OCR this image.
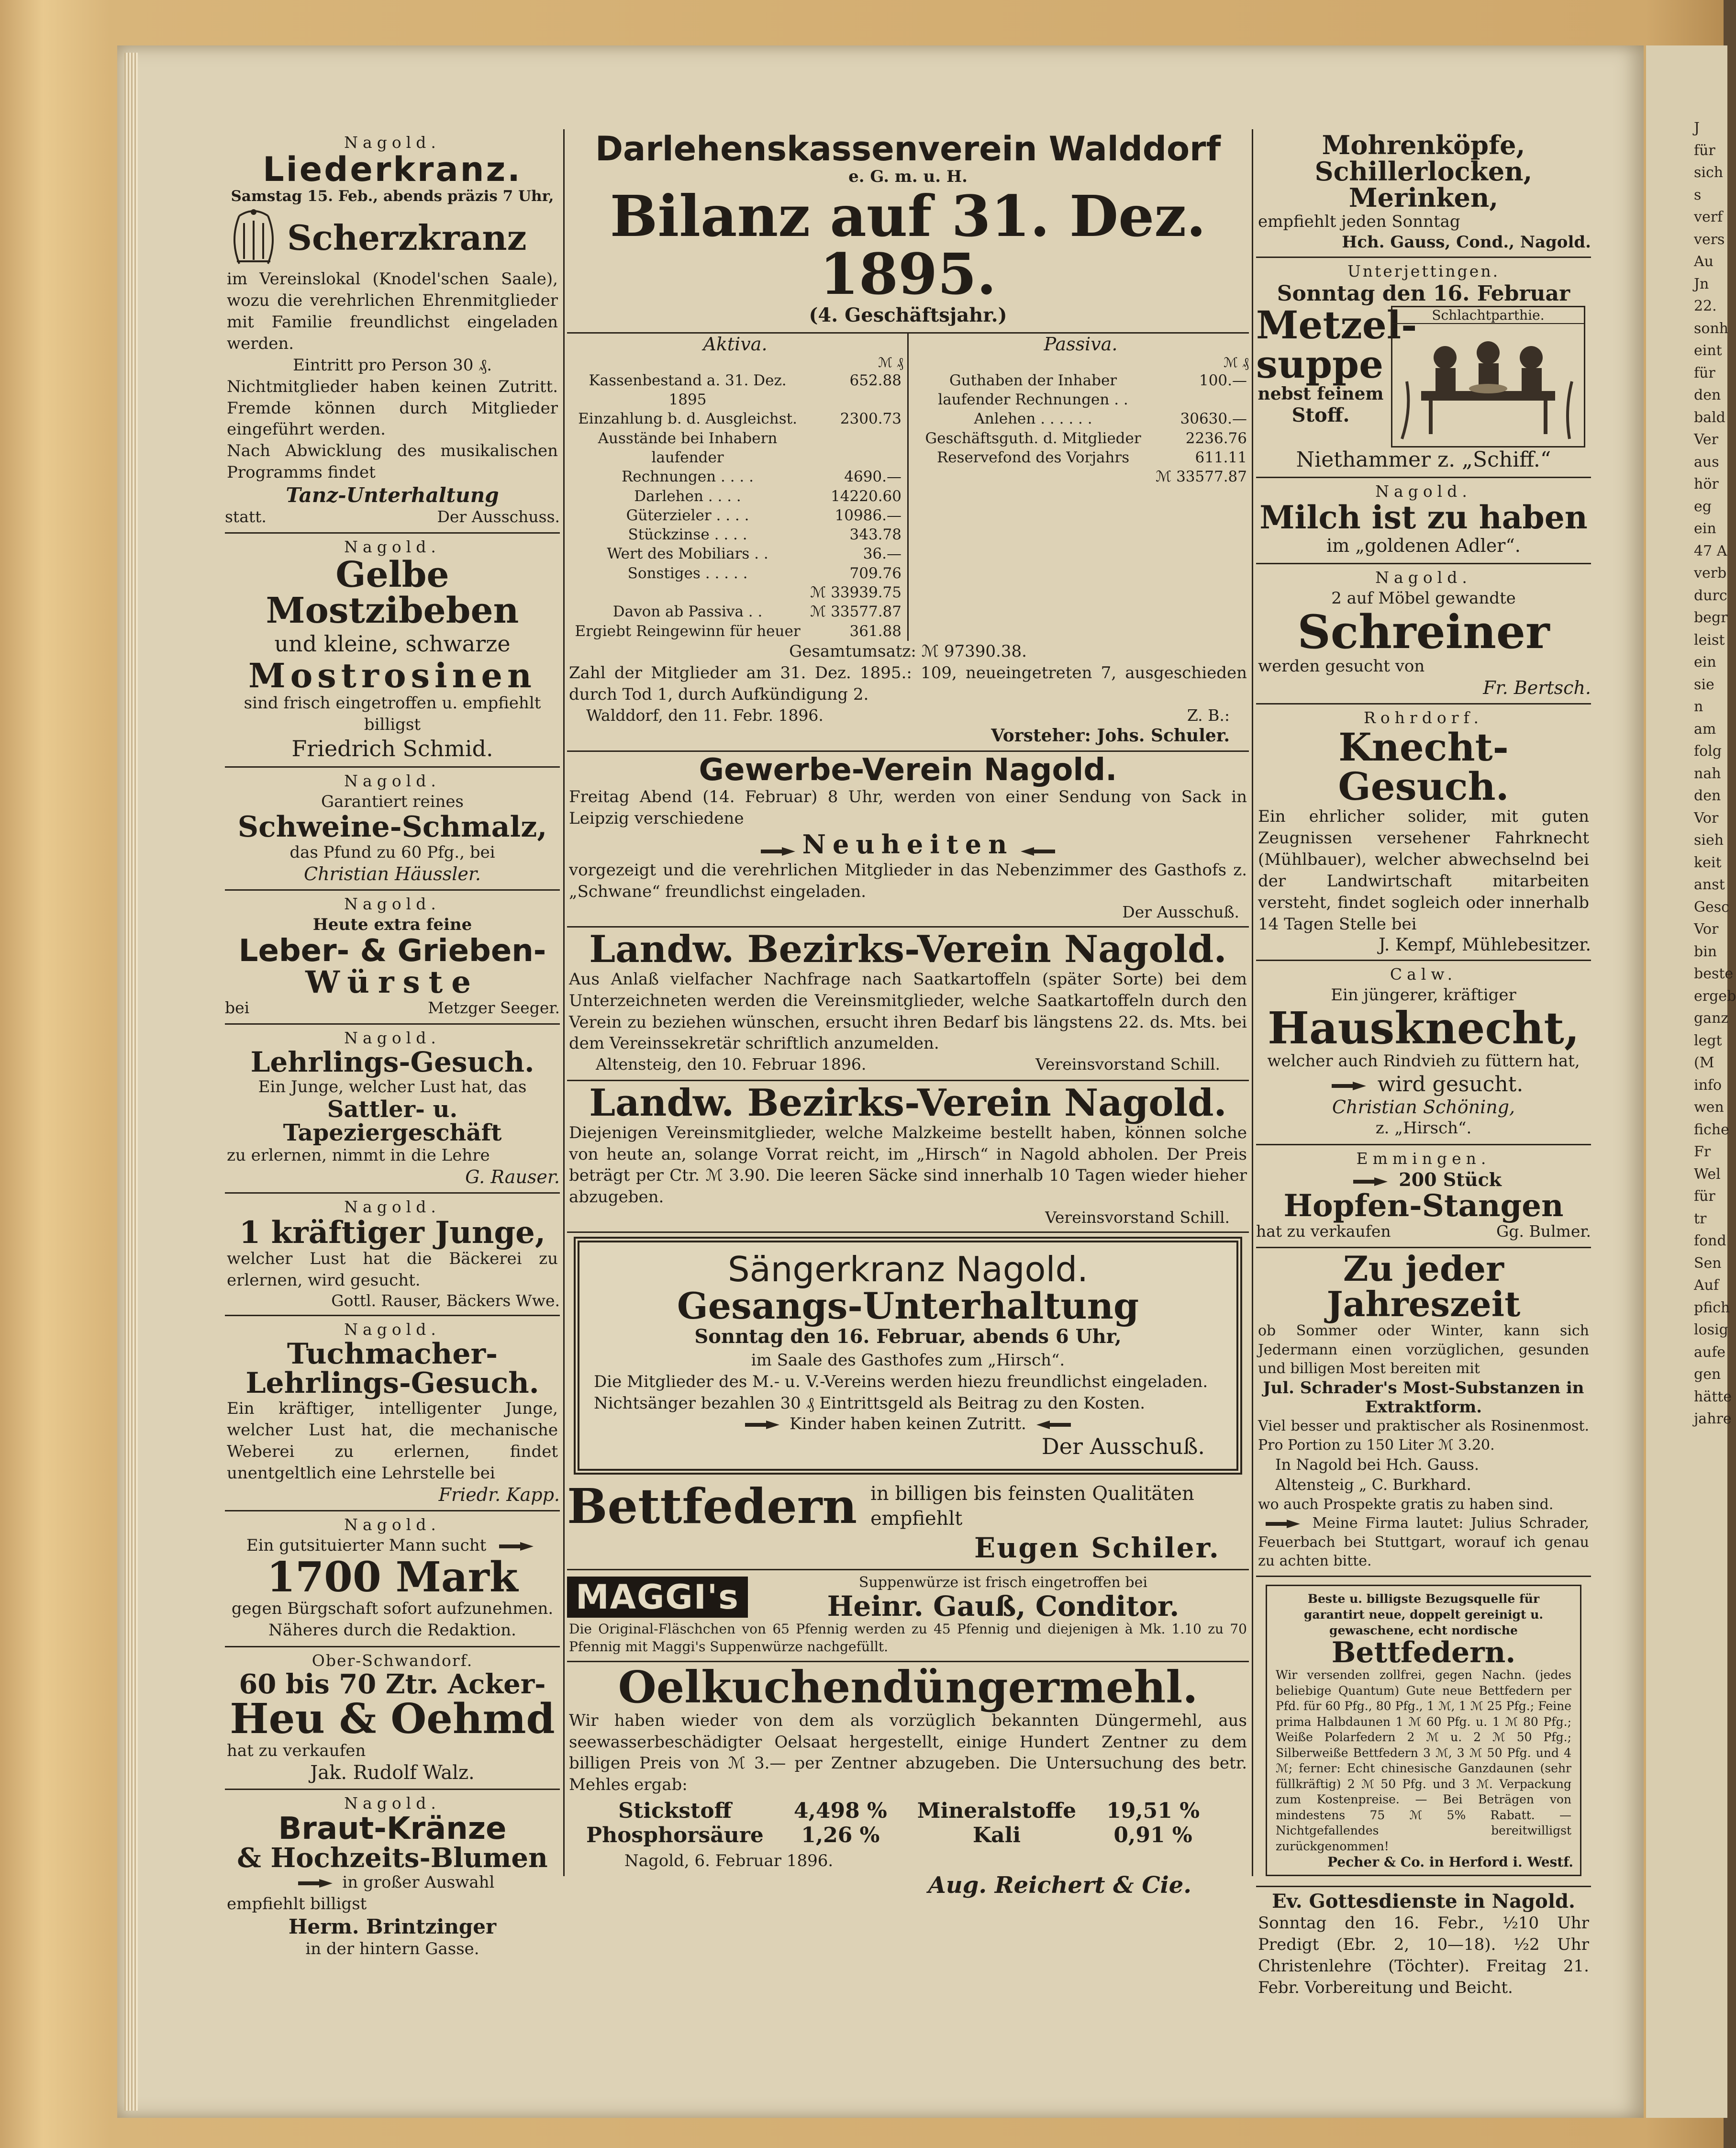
Nagold.
Liederkranz.
Samstag 15. Feb., abends präzis 7 Uhr,
Scherzkranz
im Vereinslokal (Knodel'schen Saale), wozu die verehrlichen Ehrenmitglieder mit Familie freundlichst eingeladen werden.
Eintritt pro Person 30 ₰.
Nichtmitglieder haben keinen Zutritt. Fremde können durch Mitglieder eingeführt werden.
Nach Abwicklung des musikalischen Programms findet
Tanz-Unterhaltung
statt.	Der Ausschuss.
Nagold.
Gelbe Mostzibeben
und kleine, schwarze
Mostrosinen
sind frisch eingetroffen u. empfiehlt billigst
Friedrich Schmid.
Nagold.
Garantiert reines
Schweine-Schmalz,
das Pfund zu 60 Pfg., bei
Christian Häussler.
Nagold.
Heute extra feine
Leber- & Grieben-
Würste
bei	Metzger Seeger.
Nagold.
Lehrlings-Gesuch.
Ein Junge, welcher Lust hat, das
Sattler- u. Tapeziergeschäft
zu erlernen, nimmt in die Lehre
G. Rauser.
Nagold.
1 kräftiger Junge,
welcher Lust hat die Bäckerei zu erlernen, wird gesucht.
Gottl. Rauser, Bäckers Wwe.
Nagold.
Tuchmacher-
Lehrlings-Gesuch.
Ein kräftiger, intelligenter Junge, welcher Lust hat, die mechanische Weberei zu erlernen, findet unentgeltlich eine Lehrstelle bei
Friedr. Kapp.
Nagold.
Ein gutsituierter Mann sucht
1700 Mark
gegen Bürgschaft sofort aufzunehmen. Näheres durch die Redaktion.
Ober-Schwandorf.
60 bis 70 Ztr. Acker-
Heu & Oehmd
hat zu verkaufen
Jak. Rudolf Walz.
Nagold.
Braut-Kränze
& Hochzeits-Blumen
in großer Auswahl
empfiehlt billigst
Herm. Brintzinger
in der hintern Gasse.
Darlehenskassenverein Walddorf
e. G. m. u. H.
Bilanz auf 31. Dez. 1895.
(4. Geschäftsjahr.)
Aktiva.
ℳ ₰
Kassenbestand a. 31. Dez. 1895	652.88
Einzahlung b. d. Ausgleichst.	2300.73
Ausstände bei Inhabern laufender	
Rechnungen . . . .	4690.—
Darlehen . . . .	14220.60
Güterzieler . . . .	10986.—
Stückzinse . . . .	343.78
Wert des Mobiliars . .	36.—
Sonstiges . . . . .	709.76
	ℳ 33939.75
Davon ab Passiva . .	ℳ 33577.87
Ergiebt Reingewinn für heuer	361.88
Passiva.
ℳ ₰
Guthaben der Inhaber laufender Rechnungen . .	100.—
Anlehen . . . . . .	30630.—
Geschäftsguth. d. Mitglieder	2236.76
Reservefond des Vorjahrs	611.11
	ℳ 33577.87
Gesamtumsatz: ℳ 97390.38.
Zahl der Mitglieder am 31. Dez. 1895.: 109, neueingetreten 7, ausgeschieden durch Tod 1, durch Aufkündigung 2.
Walddorf, den 11. Febr. 1896.	Z. B.:
Vorsteher: Johs. Schuler.
Gewerbe-Verein Nagold.
Freitag Abend (14. Februar) 8 Uhr, werden von einer Sendung von Sack in Leipzig verschiedene
Neuheiten
vorgezeigt und die verehrlichen Mitglieder in das Nebenzimmer des Gasthofs z. „Schwane“ freundlichst eingeladen.
Der Ausschuß.
Landw. Bezirks-Verein Nagold.
Aus Anlaß vielfacher Nachfrage nach Saatkartoffeln (später Sorte) bei dem Unterzeichneten werden die Vereinsmitglieder, welche Saatkartoffeln durch den Verein zu beziehen wünschen, ersucht ihren Bedarf bis längstens 22. ds. Mts. bei dem Vereinssekretär schriftlich anzumelden.
Altensteig, den 10. Februar 1896.	Vereinsvorstand Schill.
Landw. Bezirks-Verein Nagold.
Diejenigen Vereinsmitglieder, welche Malzkeime bestellt haben, können solche von heute an, solange Vorrat reicht, im „Hirsch“ in Nagold abholen. Der Preis beträgt per Ctr. ℳ 3.90. Die leeren Säcke sind innerhalb 10 Tagen wieder hieher abzugeben.
Vereinsvorstand Schill.
Sängerkranz Nagold.
Gesangs-Unterhaltung
Sonntag den 16. Februar, abends 6 Uhr,
im Saale des Gasthofes zum „Hirsch“.
Die Mitglieder des M.- u. V.-Vereins werden hiezu freundlichst eingeladen.
Nichtsänger bezahlen 30 ₰ Eintrittsgeld als Beitrag zu den Kosten.
Kinder haben keinen Zutritt.
Der Ausschuß.
Bettfedern in billigen bis feinsten Qualitäten empfiehlt
Eugen Schiler.
MAGGI's	Suppenwürze ist frisch eingetroffen bei
Heinr. Gauß, Conditor.
Die Original-Fläschchen von 65 Pfennig werden zu 45 Pfennig und diejenigen à Mk. 1.10 zu 70 Pfennig mit Maggi's Suppenwürze nachgefüllt.
Oelkuchendüngermehl.
Wir haben wieder von dem als vorzüglich bekannten Düngermehl, aus seewasserbeschädigter Oelsaat hergestellt, einige Hundert Zentner zu dem billigen Preis von ℳ 3.— per Zentner abzugeben. Die Untersuchung des betr. Mehles ergab:
Stickstoff	4,498 %	Mineralstoffe	19,51 %
Phosphorsäure	1,26 %	Kali	0,91 %
Nagold, 6. Februar 1896.
Aug. Reichert & Cie.
Mohrenköpfe,
Schillerlocken,
Merinken,
empfiehlt jeden Sonntag
Hch. Gauss, Cond., Nagold.
Unterjettingen.
Sonntag den 16. Februar
Metzel-
suppe
nebst feinem
Stoff.
Schlachtparthie.
Niethammer z. „Schiff.“
Nagold.
Milch ist zu haben
im „goldenen Adler“.
Nagold.
2 auf Möbel gewandte
Schreiner
werden gesucht von
Fr. Bertsch.
Rohrdorf.
Knecht-Gesuch.
Ein ehrlicher solider, mit guten Zeugnissen versehener Fahrknecht (Mühlbauer), welcher abwechselnd bei der Landwirtschaft mitarbeiten versteht, findet sogleich oder innerhalb 14 Tagen Stelle bei
J. Kempf, Mühlebesitzer.
Calw.
Ein jüngerer, kräftiger
Hausknecht,
welcher auch Rindvieh zu füttern hat,
wird gesucht.
Christian Schöning,
z. „Hirsch“.
Emmingen.
200 Stück
Hopfen-Stangen
hat zu verkaufen	Gg. Bulmer.
Zu jeder Jahreszeit
ob Sommer oder Winter, kann sich Jedermann einen vorzüglichen, gesunden und billigen Most bereiten mit
Jul. Schrader's Most-Substanzen in Extraktform.
Viel besser und praktischer als Rosinenmost. Pro Portion zu 150 Liter ℳ 3.20.
In Nagold bei Hch. Gauss.
Altensteig „ C. Burkhard.
wo auch Prospekte gratis zu haben sind.
Meine Firma lautet: Julius Schrader, Feuerbach bei Stuttgart, worauf ich genau zu achten bitte.
Beste u. billigste Bezugsquelle für garantirt neue, doppelt gereinigt u. gewaschene, echt nordische
Bettfedern.
Wir versenden zollfrei, gegen Nachn. (jedes beliebige Quantum) Gute neue Bettfedern per Pfd. für 60 Pfg., 80 Pfg., 1 ℳ, 1 ℳ 25 Pfg.; Feine prima Halbdaunen 1 ℳ 60 Pfg. u. 1 ℳ 80 Pfg.; Weiße Polarfedern 2 ℳ u. 2 ℳ 50 Pfg.; Silberweiße Bettfedern 3 ℳ, 3 ℳ 50 Pfg. und 4 ℳ; ferner: Echt chinesische Ganzdaunen (sehr füllkräftig) 2 ℳ 50 Pfg. und 3 ℳ. Verpackung zum Kostenpreise. — Bei Beträgen von mindestens 75 ℳ 5% Rabatt. — Nichtgefallendes bereitwilligst zurückgenommen!
Pecher & Co. in Herford i. Westf.
Ev. Gottesdienste in Nagold.
Sonntag den 16. Febr., ½10 Uhr Predigt (Ebr. 2, 10—18). ½2 Uhr Christenlehre (Töchter). Freitag 21. Febr. Vorbereitung und Beicht.
J
für
sich
s
verf
vers
Au
Jn
22.
sonh
eint
für
den
bald
Ver
aus
hör
eg
ein
47 A
verb
durc
begr
leist
ein
sie n
am
folg
nah
den
Vor
sieh
keit
anst
Gesc
Vor
bin
beste
ergeb
ganz
legt
(M
info
wen
fiche
Fr
Wel
für
tr
fond
Sen
Auf
pfich
losig
aufe
gen
hätte
jahre
